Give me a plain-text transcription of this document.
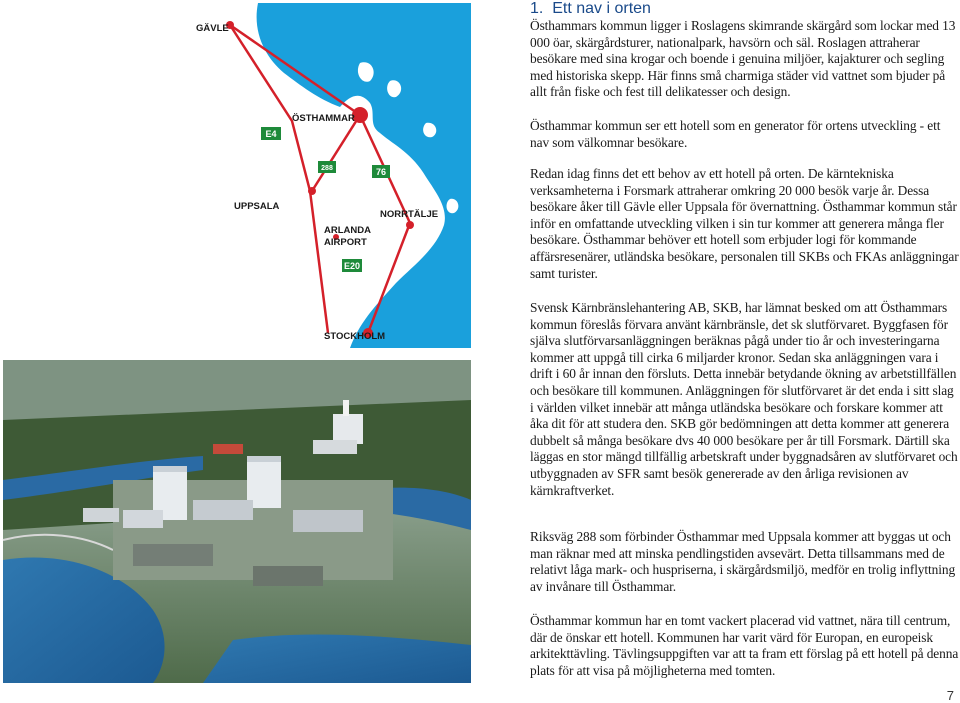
GÄVLE
ÖSTHAMMAR
UPPSALA
NORRTÄLJE
ARLANDA
AIRPORT
STOCKHOLM
E4
288	76
E20
1. Ett nav i orten

Östhammars kommun ligger i Roslagens skimrande skärgård som lockar med 13 000 öar, skärgårdsturer, nationalpark, havsörn och säl. Roslagen attraherar besökare med sina krogar och boende i genuina miljöer, kajakturer och segling med historiska skepp. Här finns små charmiga städer vid vattnet som bjuder på allt från fiske och fest till delikatesser och design.

Östhammar kommun ser ett hotell som en generator för ortens utveckling - ett nav som välkomnar besökare.

Redan idag finns det ett behov av ett hotell på orten. De kärntekniska verksamheterna i Forsmark attraherar omkring 20 000 besök varje år. Dessa besökare åker till Gävle eller Uppsala för övernattning. Östhammar kommun står inför en omfattande utveckling vilken i sin tur kommer att generera många fler besökare. Östhammar behöver ett hotell som erbjuder logi för kommande affärsresenärer, utländska besökare, personalen till SKBs och FKAs anläggningar samt turister.

Svensk Kärnbränslehantering AB, SKB, har lämnat besked om att Östhammars kommun föreslås förvara använt kärnbränsle, det sk slutförvaret. Byggfasen för själva slutförvarsanläggningen beräknas pågå under tio år och investeringarna kommer att uppgå till cirka 6 miljarder kronor. Sedan ska anläggningen vara i drift i 60 år innan den försluts. Detta innebär betydande ökning av arbetstillfällen och besökare till kommunen. Anläggningen för slutförvaret är det enda i sitt slag i världen vilket innebär att många utländska besökare och forskare kommer att åka dit för att studera den. SKB gör bedömningen att detta kommer att generera dubbelt så många besökare dvs 40 000 besökare per år till Forsmark. Därtill ska läggas en stor mängd tillfällig arbetskraft under byggnadsåren av slutförvaret och utbyggnaden av SFR samt besök genererade av den årliga revisionen av kärnkraftverket.

Riksväg 288 som förbinder Östhammar med Uppsala kommer att byggas ut och man räknar med att minska pendlingstiden avsevärt. Detta tillsammans med de relativt låga mark- och huspriserna, i skärgårdsmiljö, medför en trolig inflyttning av invånare till Östhammar.

Östhammar kommun har en tomt vackert placerad vid vattnet, nära till centrum, där de önskar ett hotell. Kommunen har varit värd för Europan, en europeisk arkitekttävling. Tävlingsuppgiften var att ta fram ett förslag på ett hotell på denna plats för att visa på möjligheterna med tomten.

7
